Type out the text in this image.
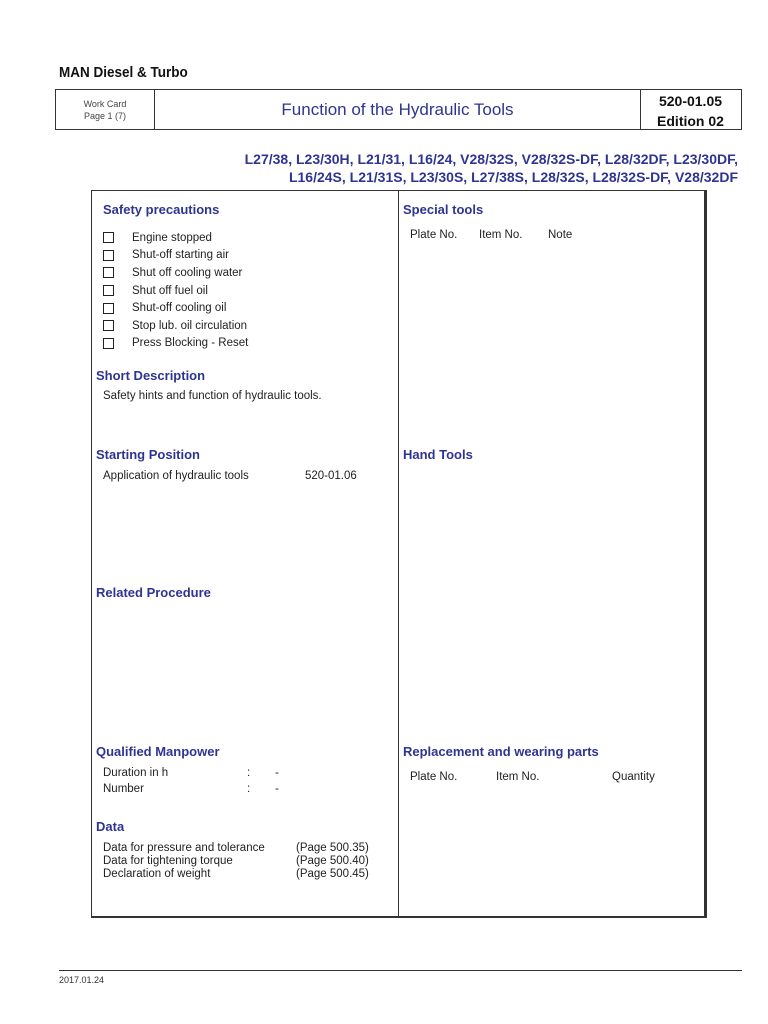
MAN Diesel & Turbo
Work Card
Page 1 (7)	Function of the Hydraulic Tools	520-01.05
Edition 02
L27/38, L23/30H, L21/31, L16/24, V28/32S, V28/32S-DF, L28/32DF, L23/30DF,
L16/24S, L21/31S, L23/30S, L27/38S, L28/32S, L28/32S-DF, V28/32DF
Safety precautions
Engine stopped
Shut-off starting air
Shut off cooling water
Shut off fuel oil
Shut-off cooling oil
Stop lub. oil circulation
Press Blocking - Reset
Short Description
Safety hints and function of hydraulic tools.
Starting Position
Application of hydraulic tools	520-01.06
Related Procedure
Qualified Manpower
Duration in h	: -
Number	: -
Data
Data for pressure and tolerance	(Page 500.35)
Data for tightening torque	(Page 500.40)
Declaration of weight	(Page 500.45)
Special tools
Plate No. Item No. Note
Hand Tools
Replacement and wearing parts
Plate No.	Item No.	Quantity
2017.01.24
